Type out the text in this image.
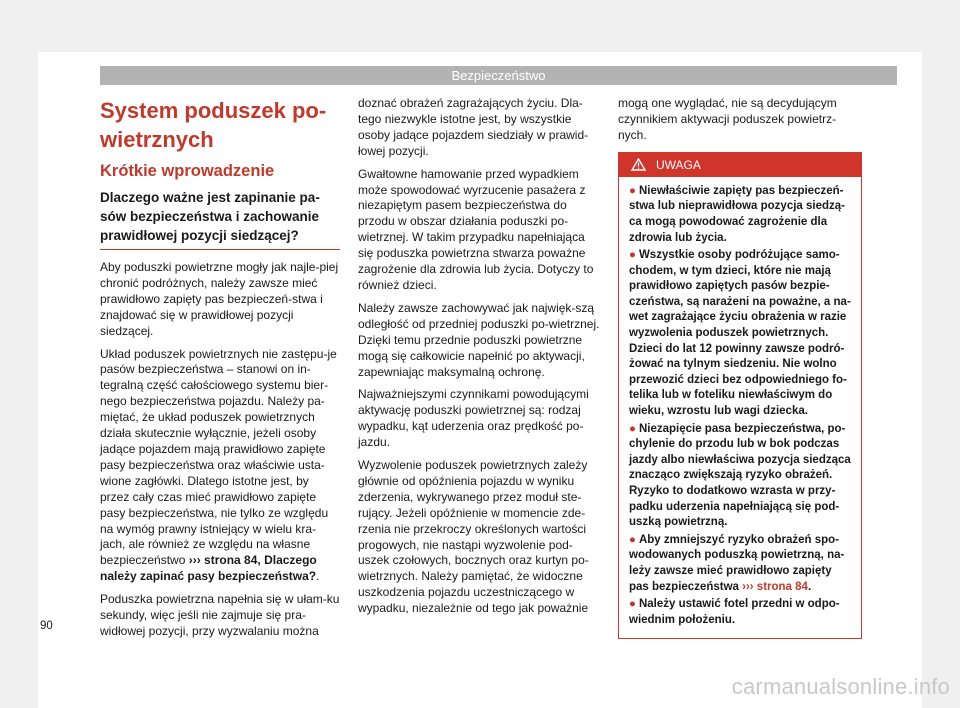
Bezpieczeństwo
System poduszek po-
wietrznych
Krótkie wprowadzenie
Dlaczego ważne jest zapinanie pa-sów bezpieczeństwa i zachowanie prawidłowej pozycji siedzącej?

Aby poduszki powietrzne mogły jak najle-piej chronić podróżnych, należy zawsze mieć prawidłowo zapięty pas bezpieczeń-stwa i znajdować się w prawidłowej pozycji siedzącej.

Układ poduszek powietrznych nie zastępu-je pasów bezpieczeństwa – stanowi on in-tegralną część całościowego systemu bier-nego bezpieczeństwa pojazdu. Należy pa-miętać, że układ poduszek powietrznych działa skutecznie wyłącznie, jeżeli osoby jadące pojazdem mają prawidłowo zapięte pasy bezpieczeństwa oraz właściwie usta-wione zagłówki. Dlatego istotne jest, by przez cały czas mieć prawidłowo zapięte pasy bezpieczeństwa, nie tylko ze względu na wymóg prawny istniejący w wielu kra-jach, ale również ze względu na własne bezpieczeństwo ››› strona 84, Dlaczego należy zapinać pasy bezpieczeństwa?.

Poduszka powietrzna napełnia się w ułam-ku sekundy, więc jeśli nie zajmuje się pra-widłowej pozycji, przy wyzwalaniu można

doznać obrażeń zagrażających życiu. Dla-tego niezwykle istotne jest, by wszystkie osoby jadące pojazdem siedziały w prawid-łowej pozycji.

Gwałtowne hamowanie przed wypadkiem może spowodować wyrzucenie pasażera z niezapiętym pasem bezpieczeństwa do przodu w obszar działania poduszki po-wietrznej. W takim przypadku napełniająca się poduszka powietrzna stwarza poważne zagrożenie dla zdrowia lub życia. Dotyczy to również dzieci.

Należy zawsze zachowywać jak najwięk-szą odległość od przedniej poduszki po-wietrznej. Dzięki temu przednie poduszki powietrzne mogą się całkowicie napełnić po aktywacji, zapewniając maksymalną ochronę.

Najważniejszymi czynnikami powodującymi aktywację poduszki powietrznej są: rodzaj wypadku, kąt uderzenia oraz prędkość po-jazdu.

Wyzwolenie poduszek powietrznych zależy głównie od opóźnienia pojazdu w wyniku zderzenia, wykrywanego przez moduł ste-rujący. Jeżeli opóźnienie w momencie zde-rzenia nie przekroczy określonych wartości progowych, nie nastąpi wyzwolenie pod-uszek czołowych, bocznych oraz kurtyn po-wietrznych. Należy pamiętać, że widoczne uszkodzenia pojazdu uczestniczącego w wypadku, niezależnie od tego jak poważnie

mogą one wyglądać, nie są decydującym czynnikiem aktywacji poduszek powietrz-nych.

UWAGA
● Niewłaściwie zapięty pas bezpieczeń-stwa lub nieprawidłowa pozycja siedzą-ca mogą powodować zagrożenie dla zdrowia lub życia.
● Wszystkie osoby podróżujące samo-chodem, w tym dzieci, które nie mają prawidłowo zapiętych pasów bezpie-czeństwa, są narażeni na poważne, a na-wet zagrażające życiu obrażenia w razie wyzwolenia poduszek powietrznych. Dzieci do lat 12 powinny zawsze podró-żować na tylnym siedzeniu. Nie wolno przewozić dzieci bez odpowiedniego fo-telika lub w foteliku niewłaściwym do wieku, wzrostu lub wagi dziecka.
● Niezapięcie pasa bezpieczeństwa, po-chylenie do przodu lub w bok podczas jazdy albo niewłaściwa pozycja siedząca znacząco zwiększają ryzyko obrażeń. Ryzyko to dodatkowo wzrasta w przy-padku uderzenia napełniającą się pod-uszką powietrzną.
● Aby zmniejszyć ryzyko obrażeń spo-wodowanych poduszką powietrzną, na-leży zawsze mieć prawidłowo zapięty pas bezpieczeństwa ››› strona 84.
● Należy ustawić fotel przedni w odpo-wiednim położeniu.
90
carmanualsonline.info
